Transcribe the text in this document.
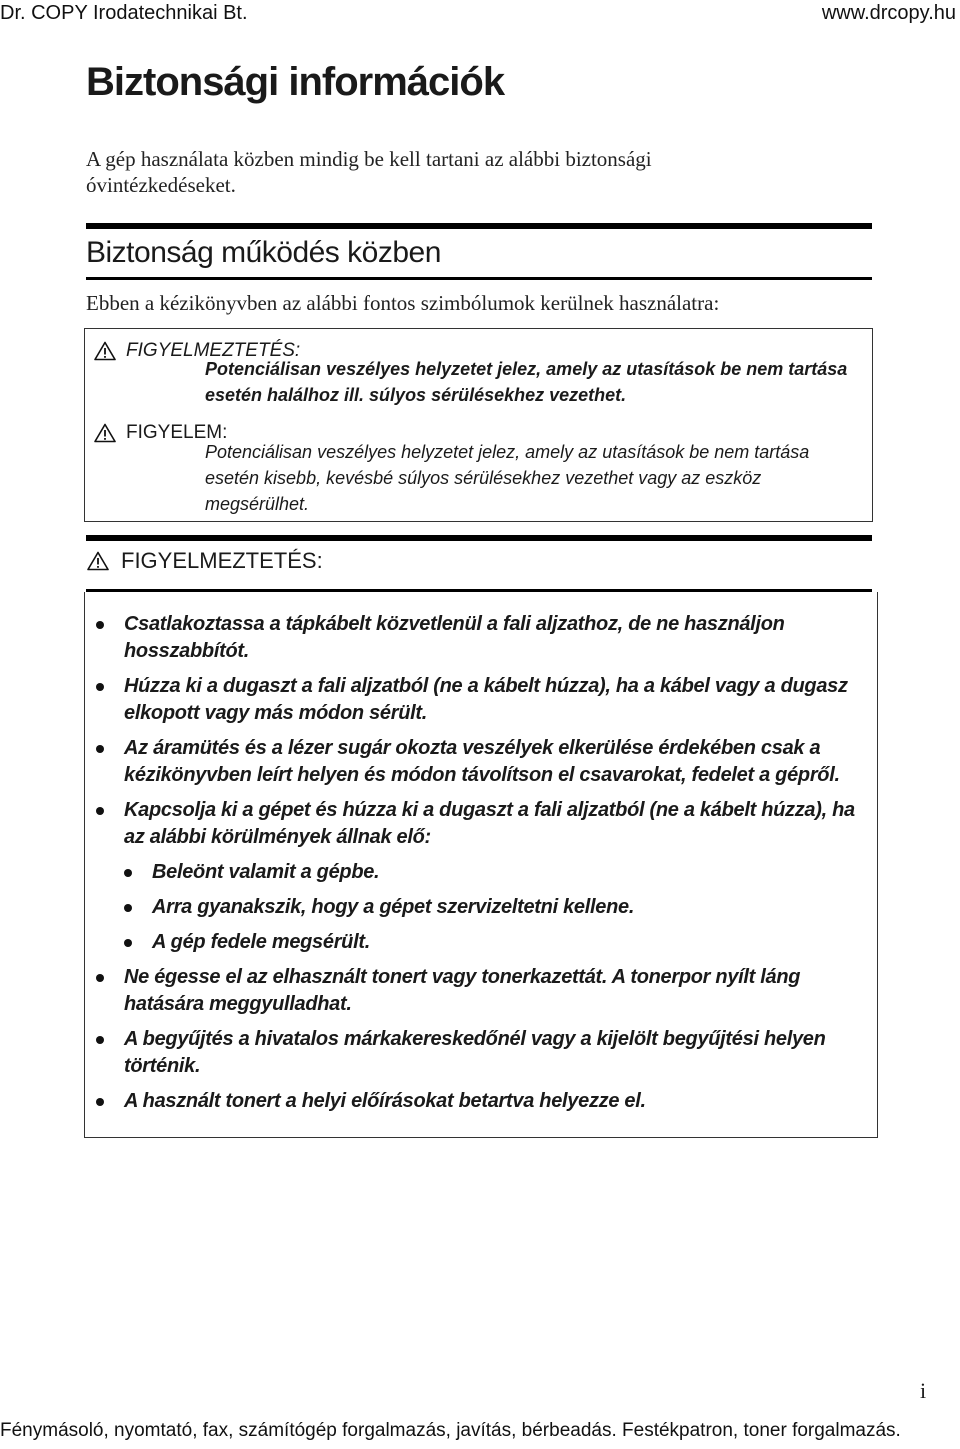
Dr. COPY Irodatechnikai Bt.	www.drcopy.hu
Biztonsági információk
A gép használata közben mindig be kell tartani az alábbi biztonsági óvintézkedéseket.
Biztonság működés közben
Ebben a kézikönyvben az alábbi fontos szimbólumok kerülnek használatra:
FIGYELMEZTETÉS:
Potenciálisan veszélyes helyzetet jelez, amely az utasítások be nem tartása esetén halálhoz ill. súlyos sérülésekhez vezethet.
FIGYELEM:
Potenciálisan veszélyes helyzetet jelez, amely az utasítások be nem tartása esetén kisebb, kevésbé súlyos sérülésekhez vezethet vagy az eszköz megsérülhet.
FIGYELMEZTETÉS:
Csatlakoztassa a tápkábelt közvetlenül a fali aljzathoz, de ne használjon hosszabbítót.
Húzza ki a dugaszt a fali aljzatból (ne a kábelt húzza), ha a kábel vagy a dugasz elkopott vagy más módon sérült.
Az áramütés és a lézer sugár okozta veszélyek elkerülése érdekében csak a kézikönyvben leírt helyen és módon távolítson el csavarokat, fedelet a gépről.
Kapcsolja ki a gépet és húzza ki a dugaszt a fali aljzatból (ne a kábelt húzza), ha az alábbi körülmények állnak elő:
Beleönt valamit a gépbe.
Arra gyanakszik, hogy a gépet szervizeltetni kellene.
A gép fedele megsérült.
Ne égesse el az elhasznált tonert vagy tonerkazettát. A tonerpor nyílt láng hatására meggyulladhat.
A begyűjtés a hivatalos márkakereskedőnél vagy a kijelölt begyűjtési helyen történik.
A használt tonert a helyi előírásokat betartva helyezze el.
i
Fénymásoló, nyomtató, fax, számítógép forgalmazás, javítás, bérbeadás. Festékpatron, toner forgalmazás.
